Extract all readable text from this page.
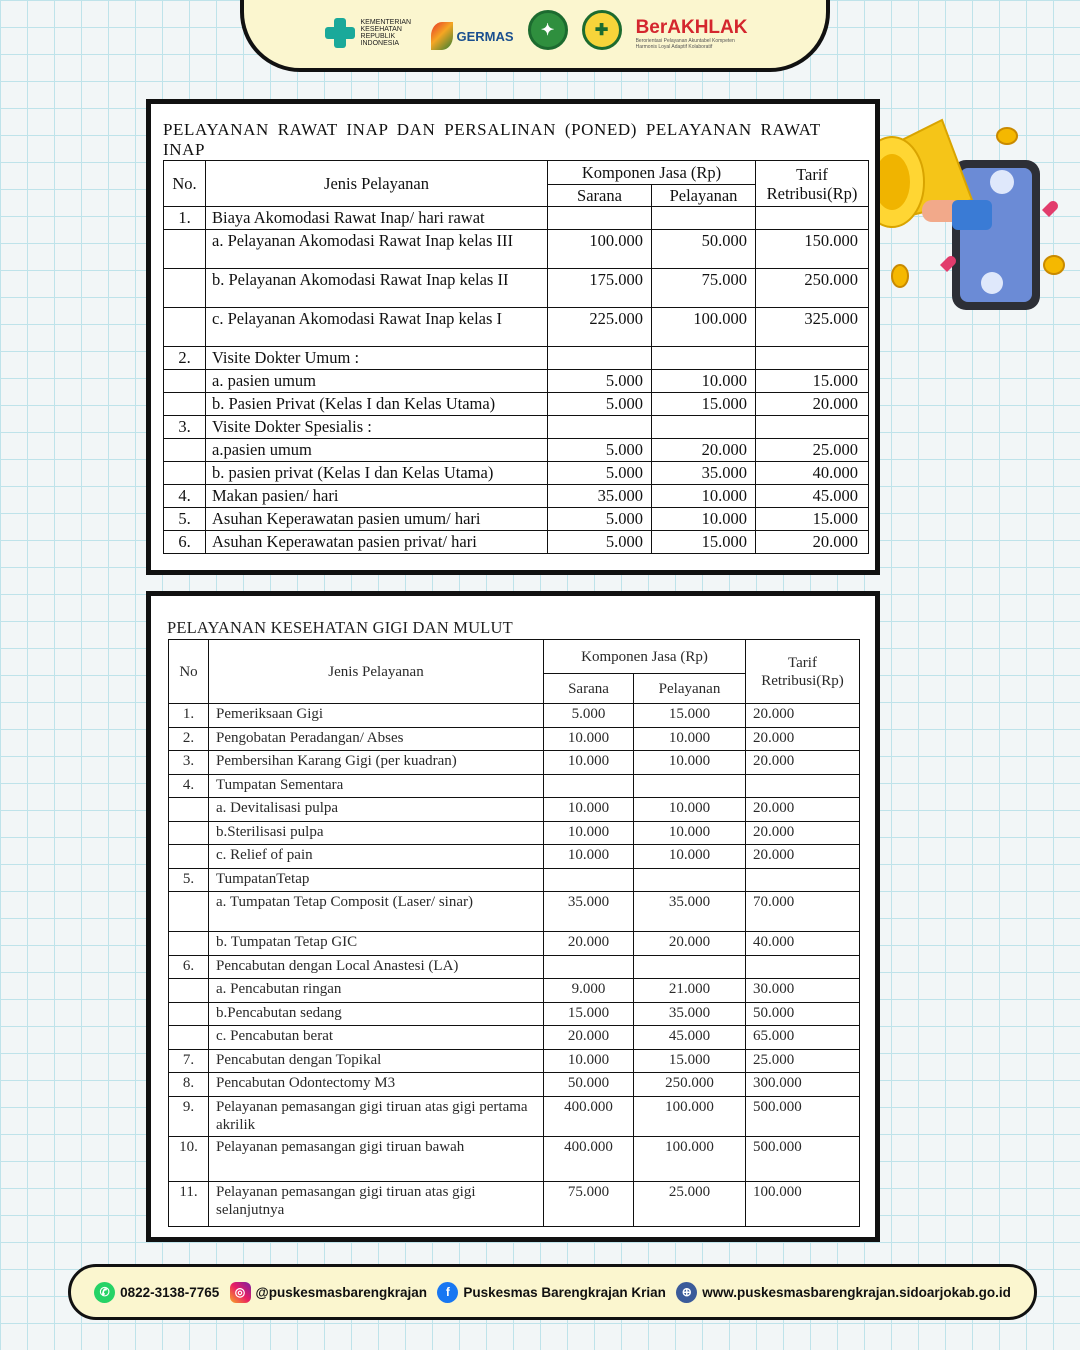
KEMENTERIAN KESEHATAN REPUBLIK INDONESIA	GERMAS	✦	✚	BerAKHLAK
Berorientasi Pelayanan Akuntabel Kompeten Harmonis Loyal Adaptif Kolaboratif
PELAYANAN RAWAT INAP DAN PERSALINAN (PONED) PELAYANAN RAWAT INAP
No.	Jenis Pelayanan	Komponen Jasa (Rp)		Tarif Retribusi(Rp)
		Sarana	Pelayanan	
1.	Biaya Akomodasi Rawat Inap/ hari rawat			
	a. Pelayanan Akomodasi Rawat Inap kelas III	100.000	50.000	150.000
	b. Pelayanan Akomodasi Rawat Inap kelas II	175.000	75.000	250.000
	c. Pelayanan Akomodasi Rawat Inap kelas I	225.000	100.000	325.000
2.	Visite Dokter Umum :			
	a. pasien umum	5.000	10.000	15.000
	b. Pasien Privat (Kelas I dan Kelas Utama)	5.000	15.000	20.000
3.	Visite Dokter Spesialis :			
	a.pasien umum	5.000	20.000	25.000
	b. pasien privat (Kelas I dan Kelas Utama)	5.000	35.000	40.000
4.	Makan pasien/ hari	35.000	10.000	45.000
5.	Asuhan Keperawatan pasien umum/ hari	5.000	10.000	15.000
6.	Asuhan Keperawatan pasien privat/ hari	5.000	15.000	20.000
PELAYANAN KESEHATAN GIGI DAN MULUT
No	Jenis Pelayanan	Komponen Jasa (Rp)		Tarif Retribusi(Rp)
		Sarana	Pelayanan	
1.	Pemeriksaan Gigi	5.000	15.000	20.000
2.	Pengobatan Peradangan/ Abses	10.000	10.000	20.000
3.	Pembersihan Karang Gigi (per kuadran)	10.000	10.000	20.000
4.	Tumpatan Sementara			
	a. Devitalisasi pulpa	10.000	10.000	20.000
	b.Sterilisasi pulpa	10.000	10.000	20.000
	c. Relief of pain	10.000	10.000	20.000
5.	TumpatanTetap			
	a. Tumpatan Tetap Composit (Laser/ sinar)	35.000	35.000	70.000
	b. Tumpatan Tetap GIC	20.000	20.000	40.000
6.	Pencabutan dengan Local Anastesi (LA)			
	a. Pencabutan ringan	9.000	21.000	30.000
	b.Pencabutan sedang	15.000	35.000	50.000
	c. Pencabutan berat	20.000	45.000	65.000
7.	Pencabutan dengan Topikal	10.000	15.000	25.000
8.	Pencabutan Odontectomy M3	50.000	250.000	300.000
9.	Pelayanan pemasangan gigi tiruan atas gigi pertama akrilik	400.000	100.000	500.000
10.	Pelayanan pemasangan gigi tiruan bawah	400.000	100.000	500.000
11.	Pelayanan pemasangan gigi tiruan atas gigi selanjutnya	75.000	25.000	100.000
✆ 0822-3138-7765	◎ @puskesmasbarengkrajan	f	Puskesmas Barengkrajan Krian	⊕ www.puskesmasbarengkrajan.sidoarjokab.go.id
